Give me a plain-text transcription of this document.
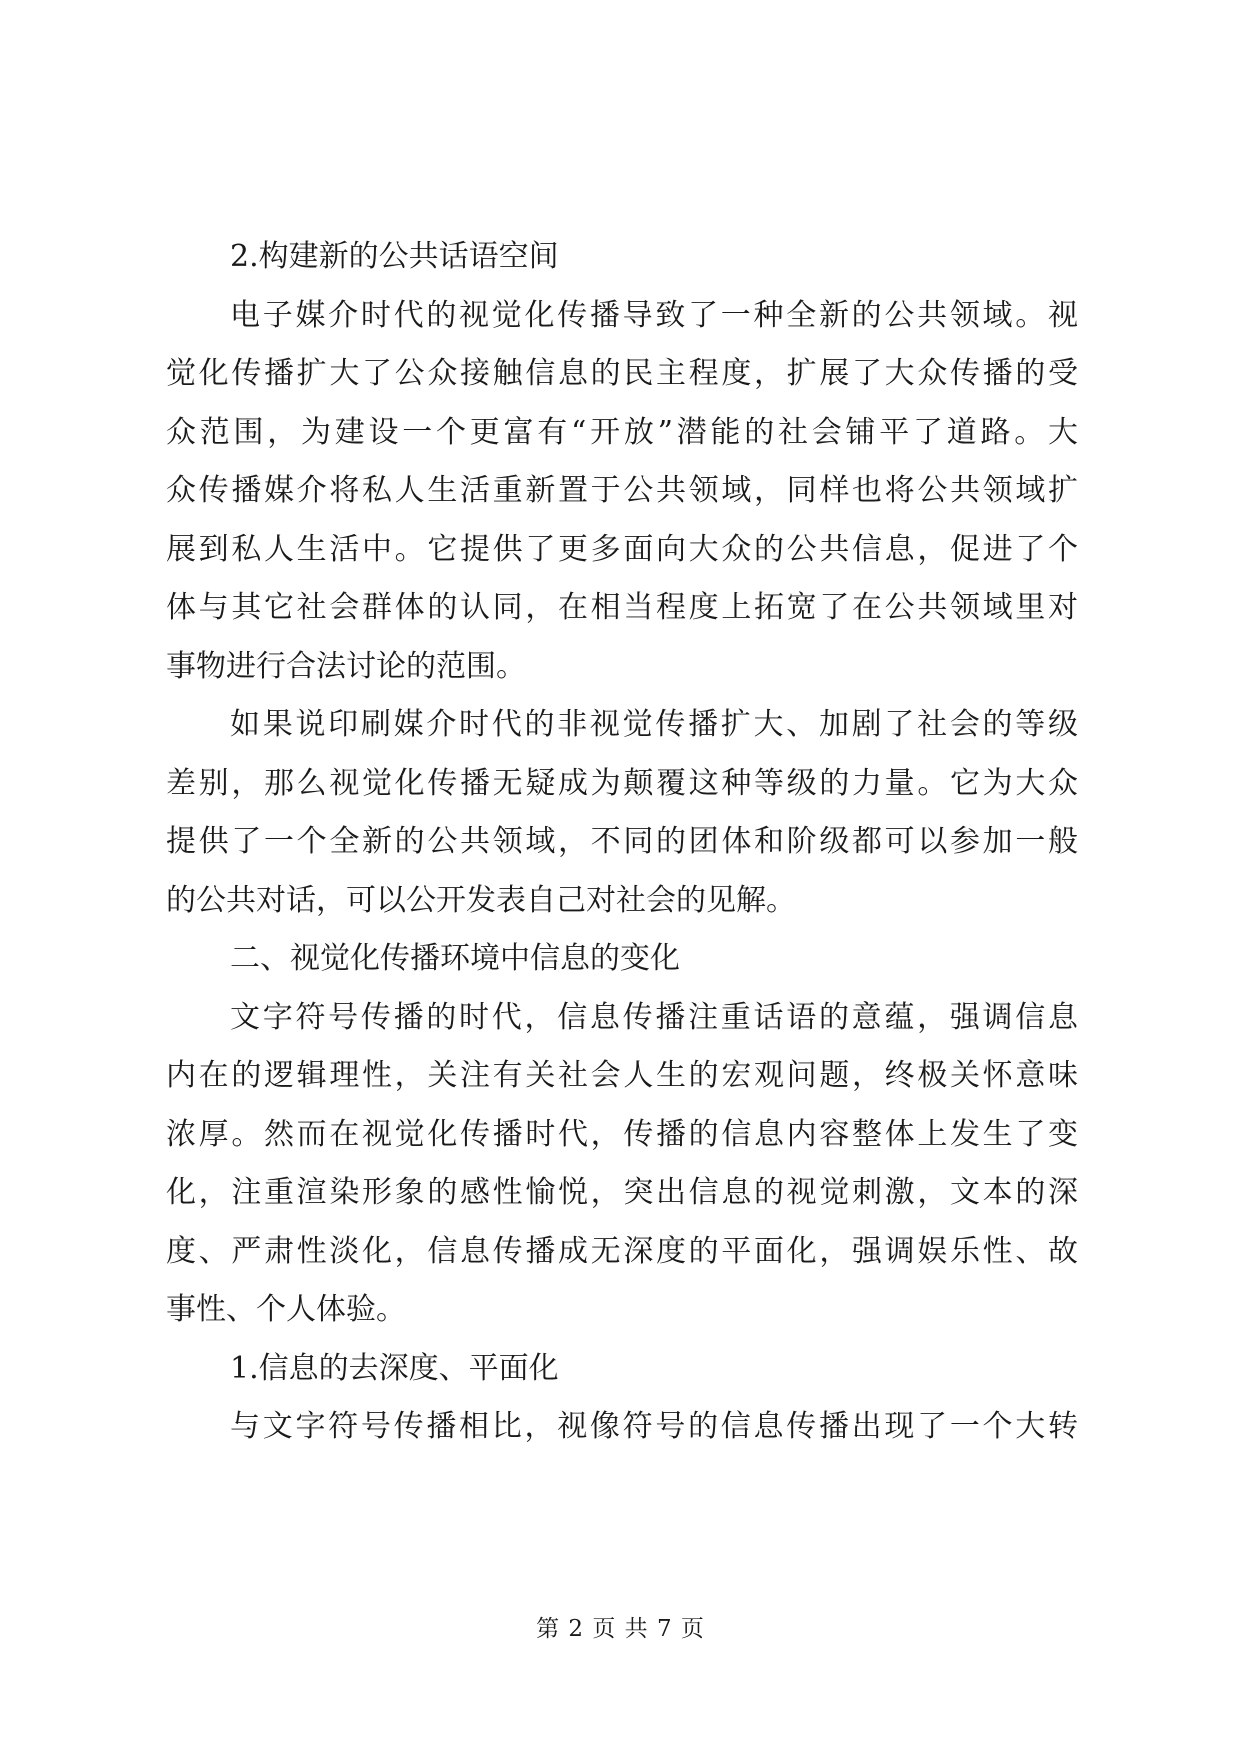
2.构建新的公共话语空间
电子媒介时代的视觉化传播导致了一种全新的公共领域。视
觉化传播扩大了公众接触信息的民主程度，扩展了大众传播的受
众范围，为建设一个更富有“开放”潜能的社会铺平了道路。大
众传播媒介将私人生活重新置于公共领域，同样也将公共领域扩
展到私人生活中。它提供了更多面向大众的公共信息，促进了个
体与其它社会群体的认同，在相当程度上拓宽了在公共领域里对
事物进行合法讨论的范围。
如果说印刷媒介时代的非视觉传播扩大、加剧了社会的等级
差别，那么视觉化传播无疑成为颠覆这种等级的力量。它为大众
提供了一个全新的公共领域，不同的团体和阶级都可以参加一般
的公共对话，可以公开发表自己对社会的见解。
二、视觉化传播环境中信息的变化
文字符号传播的时代，信息传播注重话语的意蕴，强调信息
内在的逻辑理性，关注有关社会人生的宏观问题，终极关怀意味
浓厚。然而在视觉化传播时代，传播的信息内容整体上发生了变
化，注重渲染形象的感性愉悦，突出信息的视觉刺激，文本的深
度、严肃性淡化，信息传播成无深度的平面化，强调娱乐性、故
事性、个人体验。
1.信息的去深度、平面化
与文字符号传播相比，视像符号的信息传播出现了一个大转
第 2 页 共 7 页
